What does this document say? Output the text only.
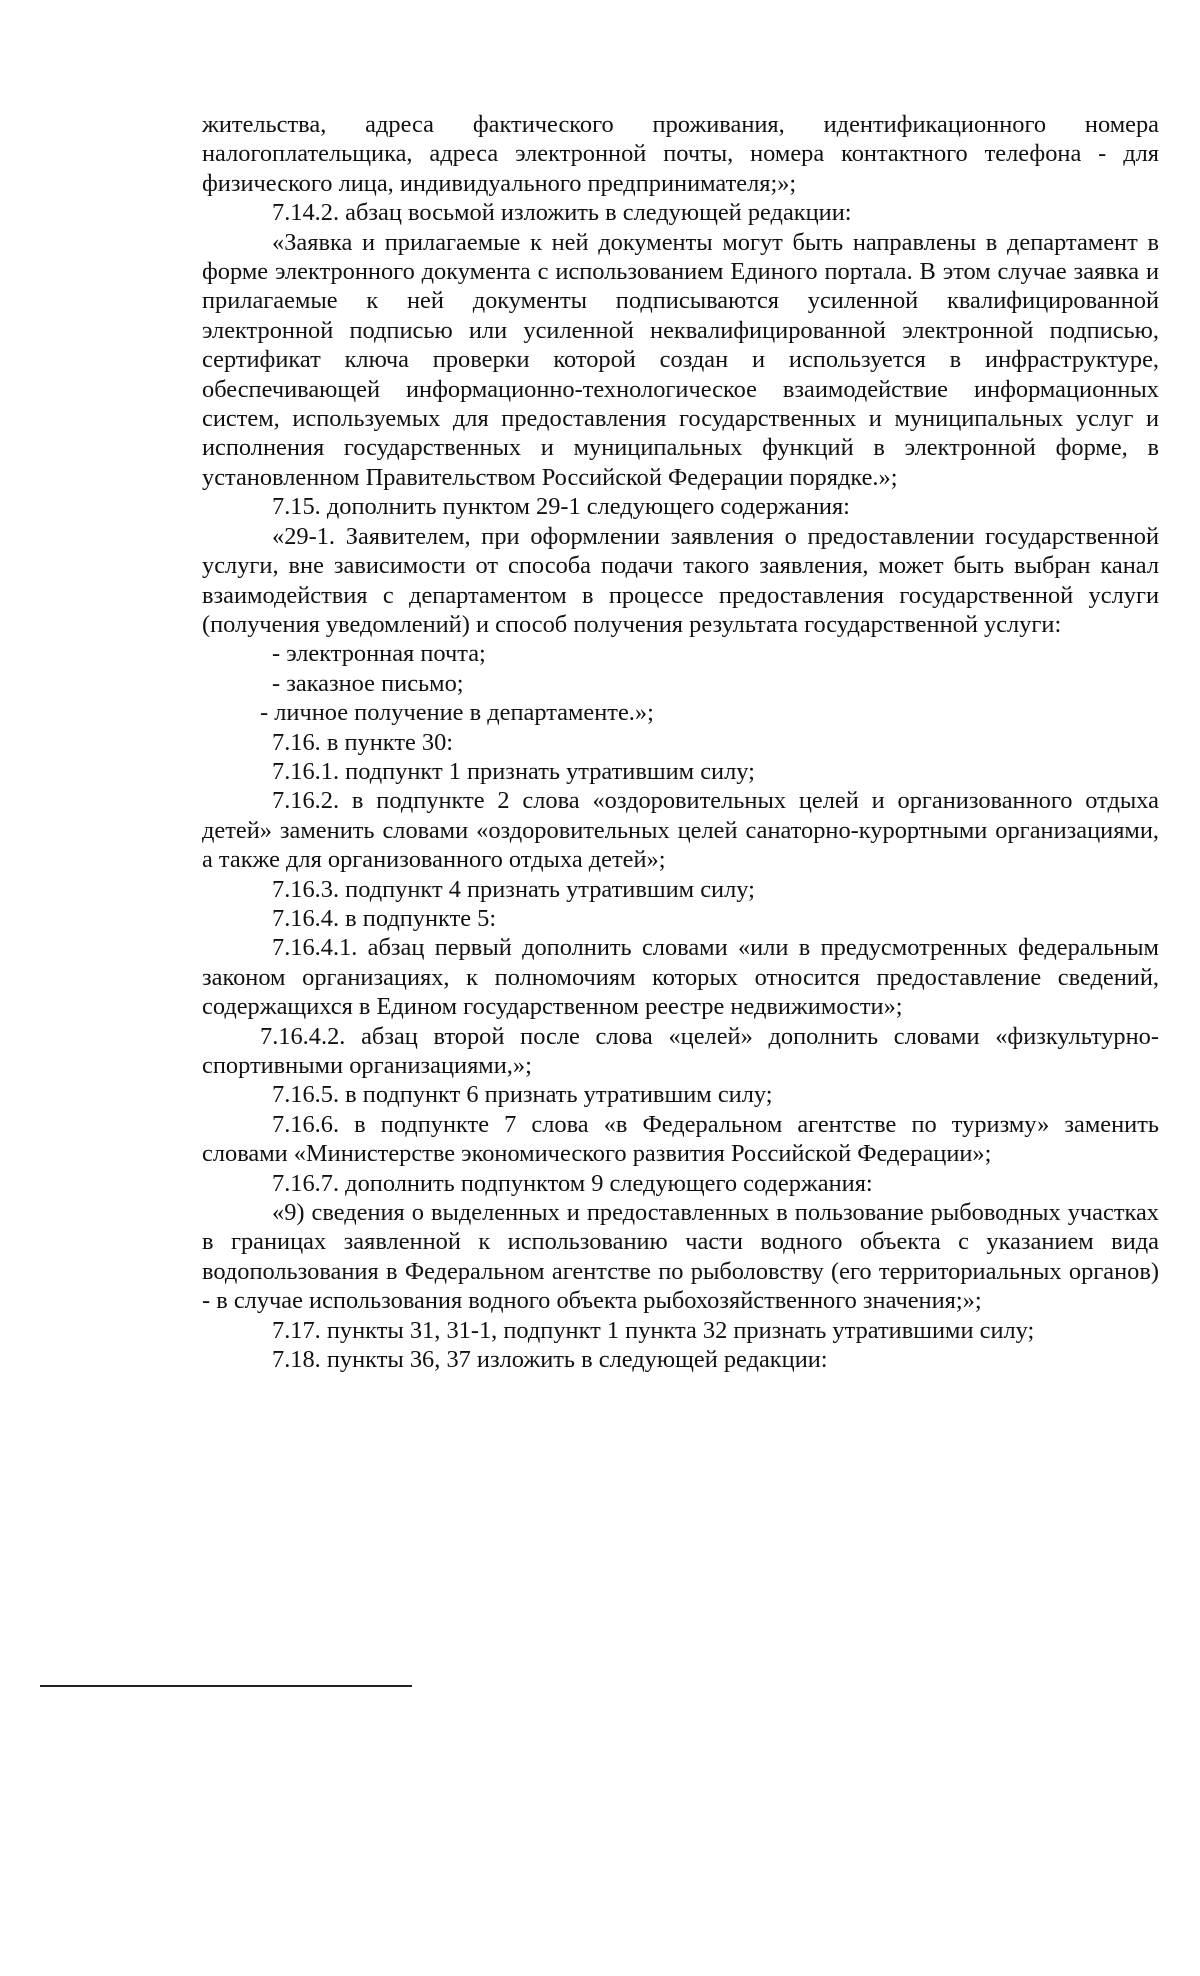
жительства, адреса фактического проживания, идентификационного номера налогоплательщика, адреса электронной почты, номера контактного телефона - для физического лица, индивидуального предпринимателя;»;

7.14.2. абзац восьмой изложить в следующей редакции:

«Заявка и прилагаемые к ней документы могут быть направлены в департамент в форме электронного документа с использованием Единого портала. В этом случае заявка и прилагаемые к ней документы подписываются усиленной квалифицированной электронной подписью или усиленной неквалифицированной электронной подписью, сертификат ключа проверки которой создан и используется в инфраструктуре, обеспечивающей информационно-технологическое взаимодействие информационных систем, используемых для предоставления государственных и муниципальных услуг и исполнения государственных и муниципальных функций в электронной форме, в установленном Правительством Российской Федерации порядке.»;

7.15. дополнить пунктом 29-1 следующего содержания:

«29-1. Заявителем, при оформлении заявления о предоставлении государственной услуги, вне зависимости от способа подачи такого заявления, может быть выбран канал взаимодействия с департаментом в процессе предоставления государственной услуги (получения уведомлений) и способ получения результата государственной услуги:

- электронная почта;

- заказное письмо;

- личное получение в департаменте.»;

7.16. в пункте 30:

7.16.1. подпункт 1 признать утратившим силу;

7.16.2. в подпункте 2 слова «оздоровительных целей и организованного отдыха детей» заменить словами «оздоровительных целей санаторно-курортными организациями, а также для организованного отдыха детей»;

7.16.3. подпункт 4 признать утратившим силу;

7.16.4. в подпункте 5:

7.16.4.1. абзац первый дополнить словами «или в предусмотренных федеральным законом организациях, к полномочиям которых относится предоставление сведений, содержащихся в Едином государственном реестре недвижимости»;

7.16.4.2. абзац второй после слова «целей» дополнить словами «физкультурно-спортивными организациями,»;

7.16.5. в подпункт 6 признать утратившим силу;

7.16.6. в подпункте 7 слова «в Федеральном агентстве по туризму» заменить словами «Министерстве экономического развития Российской Федерации»;

7.16.7. дополнить подпунктом 9 следующего содержания:

«9) сведения о выделенных и предоставленных в пользование рыбоводных участках в границах заявленной к использованию части водного объекта с указанием вида водопользования в Федеральном агентстве по рыболовству (его территориальных органов) - в случае использования водного объекта рыбохозяйственного значения;»;

7.17. пункты 31, 31-1, подпункт 1 пункта 32 признать утратившими силу;

7.18. пункты 36, 37 изложить в следующей редакции:
